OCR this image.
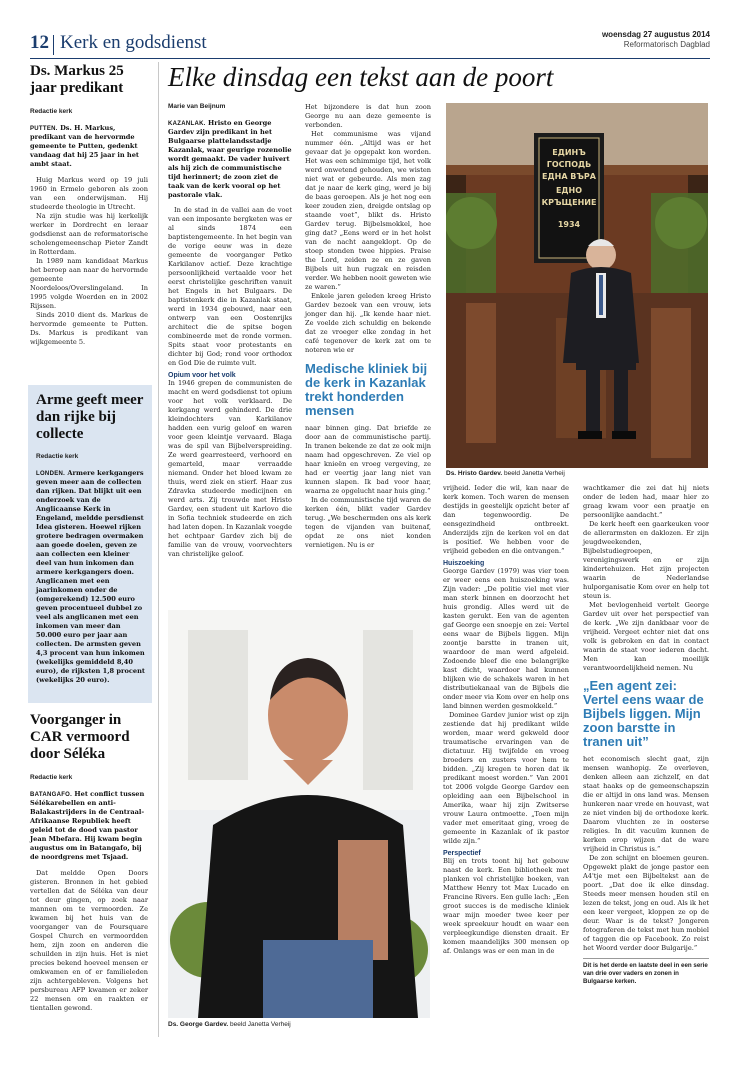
12 Kerk en godsdienst	woensdag 27 augustus 2014
Reformatorisch Dagblad
Ds. Markus 25 jaar predikant
Redactie kerk
PUTTEN. Ds. H. Markus, predikant van de hervormde gemeente te Putten, gedenkt vandaag dat hij 25 jaar in het ambt staat.

Huig Markus werd op 19 juli 1960 in Ermelo geboren als zoon van een onderwijsman. Hij studeerde theologie in Utrecht.

Na zijn studie was hij kerkelijk werker in Dordrecht en leraar godsdienst aan de reformatorische scholengemeenschap Pieter Zandt in Rotterdam.

In 1989 nam kandidaat Markus het beroep aan naar de hervormde gemeente Noordeloos/Overslingeland. In 1995 volgde Woerden en in 2002 Rijssen.

Sinds 2010 dient ds. Markus de hervormde gemeente te Putten. Ds. Markus is predikant van wijkgemeente 5.

Arme geeft meer dan rijke bij collecte
Redactie kerk
LONDEN. Armere kerkgangers geven meer aan de collecten dan rijken. Dat blijkt uit een onderzoek van de Anglicaanse Kerk in Engeland, meldde persdienst Idea gisteren. Hoewel rijken grotere bedragen overmaken aan goede doelen, geven ze aan collecten een kleiner deel van hun inkomen dan armere kerkgangers doen. Anglicanen met een jaarinkomen onder de (omgerekend) 12.500 euro geven procentueel dubbel zo veel als anglicanen met een inkomen van meer dan 50.000 euro per jaar aan collecten. De armsten geven 4,3 procent van hun inkomen (wekelijks gemiddeld 8,40 euro), de rijksten 1,8 procent (wekelijks 20 euro).
Voorganger in CAR vermoord door Séléka
Redactie kerk
BATANGAFO. Het conflict tussen Sélékarebellen en anti-Balakastrijders in de Centraal-Afrikaanse Republiek heeft geleid tot de dood van pastor Jean Mbefara. Hij kwam begin augustus om in Batangafo, bij de noordgrens met Tsjaad.

Dat meldde Open Doors gisteren. Bronnen in het gebied vertellen dat de Séléka van deur tot deur gingen, op zoek naar mannen om te vermoorden. Ze kwamen bij het huis van de voorganger van de Foursquare Gospel Church en vermoordden hem, zijn zoon en anderen die schuilden in zijn huis. Het is niet precies bekend hoeveel mensen er omkwamen en of er familieleden zijn achtergebleven. Volgens het persbureau AFP kwamen er zeker 22 mensen om en raakten er tientallen gewond.

Elke dinsdag een tekst aan de poort
Marie van Beijnum
KAZANLAK. Hristo en George Gardev zijn predikant in het Bulgaarse plattelandsstadje Kazanlak, waar geurige rozenolie wordt gemaakt. De vader huivert als hij zich de communistische tijd herinnert; de zoon ziet de taak van de kerk vooral op het pastorale vlak.

In de stad in de vallei aan de voet van een imposante bergketen was er al sinds 1874 een baptistengemeente. In het begin van de vorige eeuw was in deze gemeente de voorganger Petko Karkilanov actief. Deze krachtige persoonlijkheid vertaalde voor het eerst christelijke geschriften vanuit het Engels in het Bulgaars. De baptistenkerk die in Kazanlak staat, werd in 1934 gebouwd, naar een ontwerp van een Oostenrijks architect die de spitse bogen combineerde met de ronde vormen. Spits staat voor protestants en dichter bij God; rond voor orthodox en God Die de ruimte vult.

Opium voor het volk

In 1946 grepen de communisten de macht en werd godsdienst tot opium voor het volk verklaard. De kerkgang werd gehinderd. De drie kleindochters van Karkilanov hadden een vurig geloof en waren voor geen kleintje vervaard. Blaga was de spil van Bijbelverspreiding. Ze werd gearresteerd, verhoord en gemarteld, maar verraadde niemand. Onder het bloed kwam ze thuis, werd ziek en stierf. Haar zus Zdravka studeerde medicijnen en werd arts. Zij trouwde met Hristo Gardev, een student uit Karlovo die in Sofia techniek studeerde en zich had laten dopen. In Kazanlak voegde het echtpaar Gardev zich bij de familie van de vrouw, voorvechters van christelijke geloof.

Het bijzondere is dat hun zoon George nu aan deze gemeente is verbonden.

Het communisme was vijand nummer één. „Altijd was er het gevaar dat je opgepakt kon worden. Het was een schimmige tijd, het volk werd onwetend gehouden, we wisten niet wat er gebeurde. Als men zag dat je naar de kerk ging, werd je bij de baas geroepen. Als je het nog een keer zouden zien, dreigde ontslag op staande voet”, blikt ds. Hristo Gardev terug. Bijbelsmokkel, hoe ging dat? „Eens werd er in het holst van de nacht aangeklopt. Op de stoep stonden twee hippies. Praise the Lord, zeiden ze en ze gaven Bijbels uit hun rugzak en reisden verder. We hebben nooit geweten wie ze waren.”

Enkele jaren geleden kreeg Hristo Gardev bezoek van een vrouw, iets jonger dan hij. „Ik kende haar niet. Ze voelde zich schuldig en bekende dat ze vroeger elke zondag in het café tegenover de kerk zat om te noteren wie er

Medische kliniek bij de kerk in Kazanlak trekt honderden mensen

naar binnen ging. Dat briefde ze door aan de communistische partij. In tranen bekende ze dat ze ook mijn naam had opgeschreven. Ze viel op haar knieën en vroeg vergeving, ze had er veertig jaar lang niet van kunnen slapen. Ik bad voor haar, waarna ze opgelucht naar huis ging.”

In de communistische tijd waren de kerken één, blikt vader Gardev terug. „We beschermden ons als kerk tegen de vijanden van buitenaf, opdat ze ons niet konden vernietigen. Nu is er

ЕДИНЪ
ГОСПОДЬ
ЕДНА ВЪРА
ЕДНО
КРЪЩЕНИЕ
1934
Ds. Hristo Gardev. beeld Janetta Verheij

vrijheid. Ieder die wil, kan naar de kerk komen. Toch waren de mensen destijds in geestelijk opzicht beter af dan tegenwoordig. De eensgezindheid ontbreekt. Anderzijds zijn de kerken vol en dat is positief. We hebben voor de vrijheid gebeden en die ontvangen.”

Huiszoeking

George Gardev (1979) was vier toen er weer eens een huiszoeking was. Zijn vader: „De politie viel met vier man sterk binnen en doorzocht het huis grondig. Alles werd uit de kasten gerukt. Een van de agenten gaf George een snoepje en zei: Vertel eens waar de Bijbels liggen. Mijn zoontje barstte in tranen uit, waardoor de man werd afgeleid. Zodoende bleef die ene belangrijke kast dicht, waardoor had kunnen blijken wie de schakels waren in het distributiekanaal van de Bijbels die onder meer via Kom over en help ons land binnen werden gesmokkeld.”

Dominee Gardev junior wist op zijn zestiende dat hij predikant wilde worden, maar werd gekweld door traumatische ervaringen van de dictatuur. Hij twijfelde en vroeg broeders en zusters voor hem te bidden. „Zij kregen te horen dat ik predikant moest worden.” Van 2001 tot 2006 volgde George Gardev een opleiding aan een Bijbelschool in Amerika, waar hij zijn Zwitserse vrouw Laura ontmoette. „Toen mijn vader met emeritaat ging, vroeg de gemeente in Kazanlak of ik pastor wilde zijn.”

Perspectief

Blij en trots toont hij het gebouw naast de kerk. Een bibliotheek met planken vol christelijke boeken, van Matthew Henry tot Max Lucado en Francine Rivers. Een gulle lach: „Een groot succes is de medische kliniek waar mijn moeder twee keer per week spreekuur houdt en waar een verpleegkundige diensten draait. Er komen maandelijks 300 mensen op af. Onlangs was er een man in de

wachtkamer die zei dat hij niets onder de leden had, maar hier zo graag kwam voor een praatje en persoonlijke aandacht.”

De kerk heeft een gaarkeuken voor de allerarmsten en daklozen. Er zijn jeugdweekenden, Bijbelstudiegroepen, verenigingswerk en er zijn kindertehuizen. Het zijn projecten waarin de Nederlandse hulporganisatie Kom over en help tot steun is.

Met bevlogenheid vertelt George Gardev uit over het perspectief van de kerk. „We zijn dankbaar voor de vrijheid. Vergeet echter niet dat ons volk is gebroken en dat in contact waarin de staat voor iederen dacht. Men kan moeilijk verantwoordelijkheid nemen. Nu

„Een agent zei: Vertel eens waar de Bijbels liggen. Mijn zoon barstte in tranen uit”

het economisch slecht gaat, zijn mensen wanhopig. Ze overleven, denken alleen aan zichzelf, en dat staat haaks op de gemeenschapszin die er altijd in ons land was. Mensen hunkeren naar vrede en houvast, wat ze niet vinden bij de orthodoxe kerk. Daarom vluchten ze in oosterse religies. In dit vacuüm kunnen de kerken erop wijzen dat de ware vrijheid in Christus is.”

De zon schijnt en bloemen geuren. Opgewekt plakt de jonge pastor een A4'tje met een Bijbeltekst aan de poort. „Dat doe ik elke dinsdag. Steeds meer mensen houden stil en lezen de tekst, jong en oud. Als ik het een keer vergeet, kloppen ze op de deur. Waar is de tekst? Jongeren fotograferen de tekst met hun mobiel of taggen die op Facebook. Zo reist het Woord verder door Bulgarije.”

Dit is het derde en laatste deel in een serie van drie over vaders en zonen in Bulgaarse kerken.
Ds. George Gardev. beeld Janetta Verheij
